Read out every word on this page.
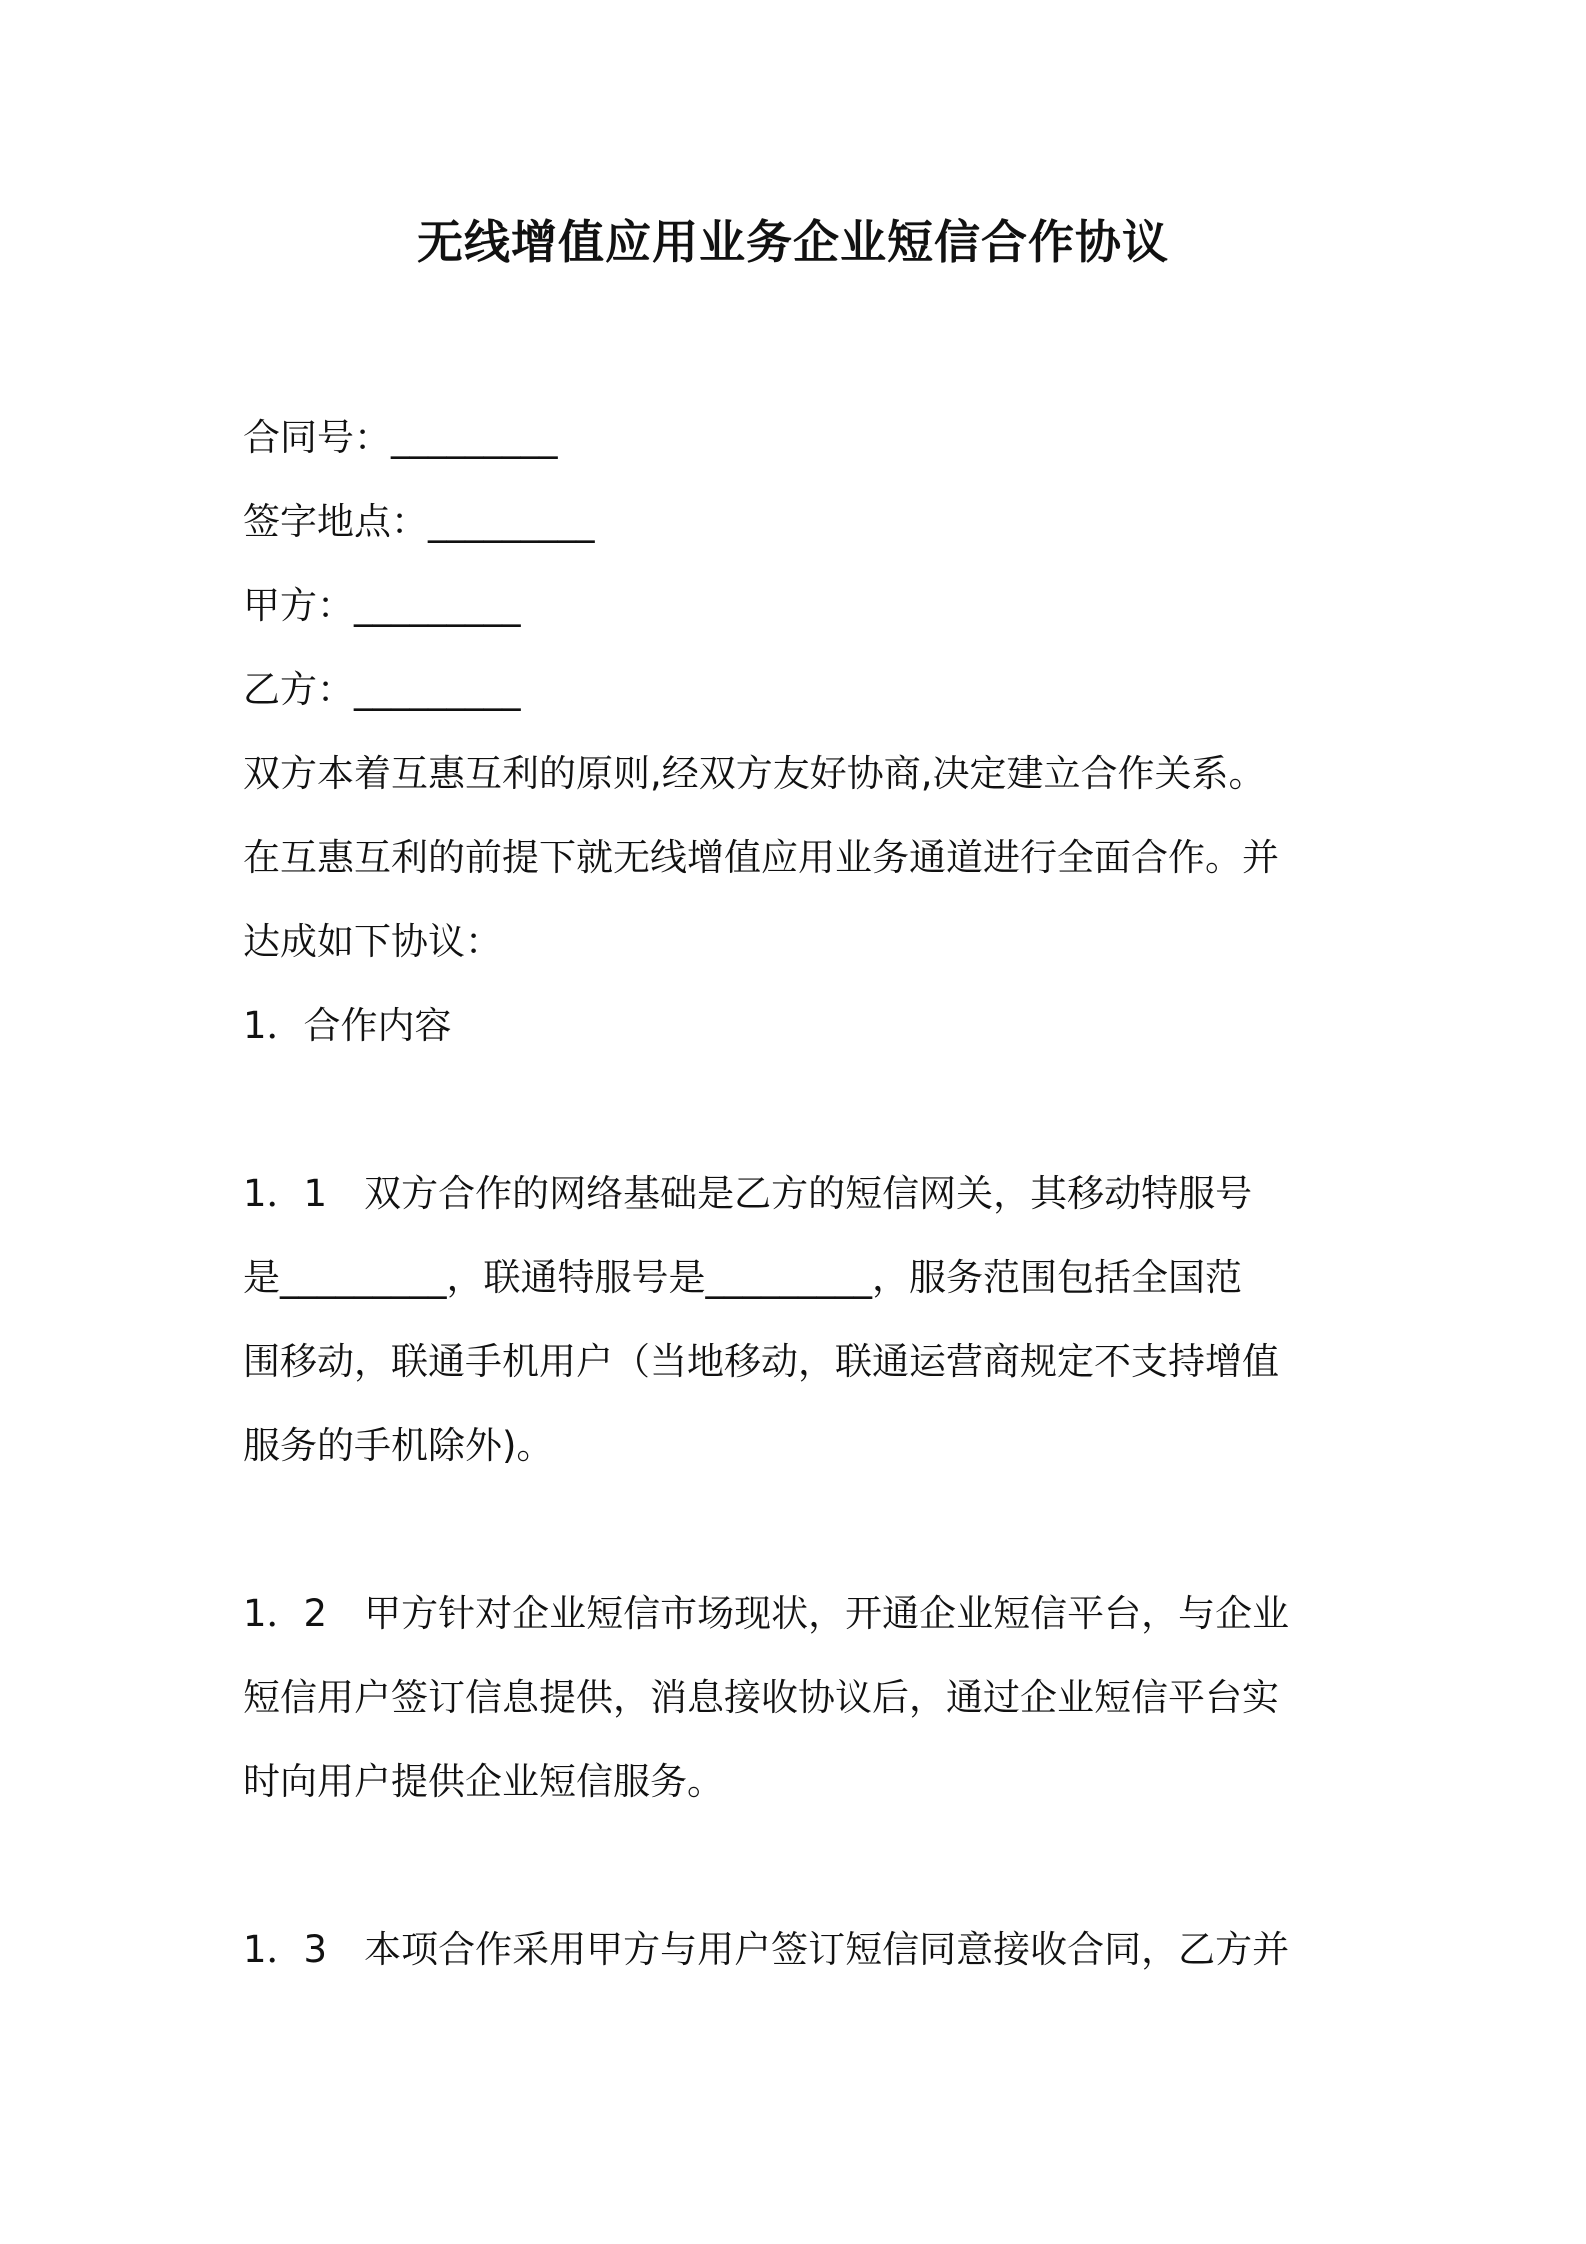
无线增值应用业务企业短信合作协议
合同号：_________
签字地点：_________
甲方：_________
乙方：_________
双方本着互惠互利的原则,经双方友好协商,决定建立合作关系。
在互惠互利的前提下就无线增值应用业务通道进行全面合作。并
达成如下协议：
1．合作内容
1．1　双方合作的网络基础是乙方的短信网关，其移动特服号
是_________，联通特服号是_________，服务范围包括全国范
围移动，联通手机用户（当地移动，联通运营商规定不支持增值
服务的手机除外)。
1．2　甲方针对企业短信市场现状，开通企业短信平台，与企业
短信用户签订信息提供，消息接收协议后，通过企业短信平台实
时向用户提供企业短信服务。
1．3　本项合作采用甲方与用户签订短信同意接收合同，乙方并
